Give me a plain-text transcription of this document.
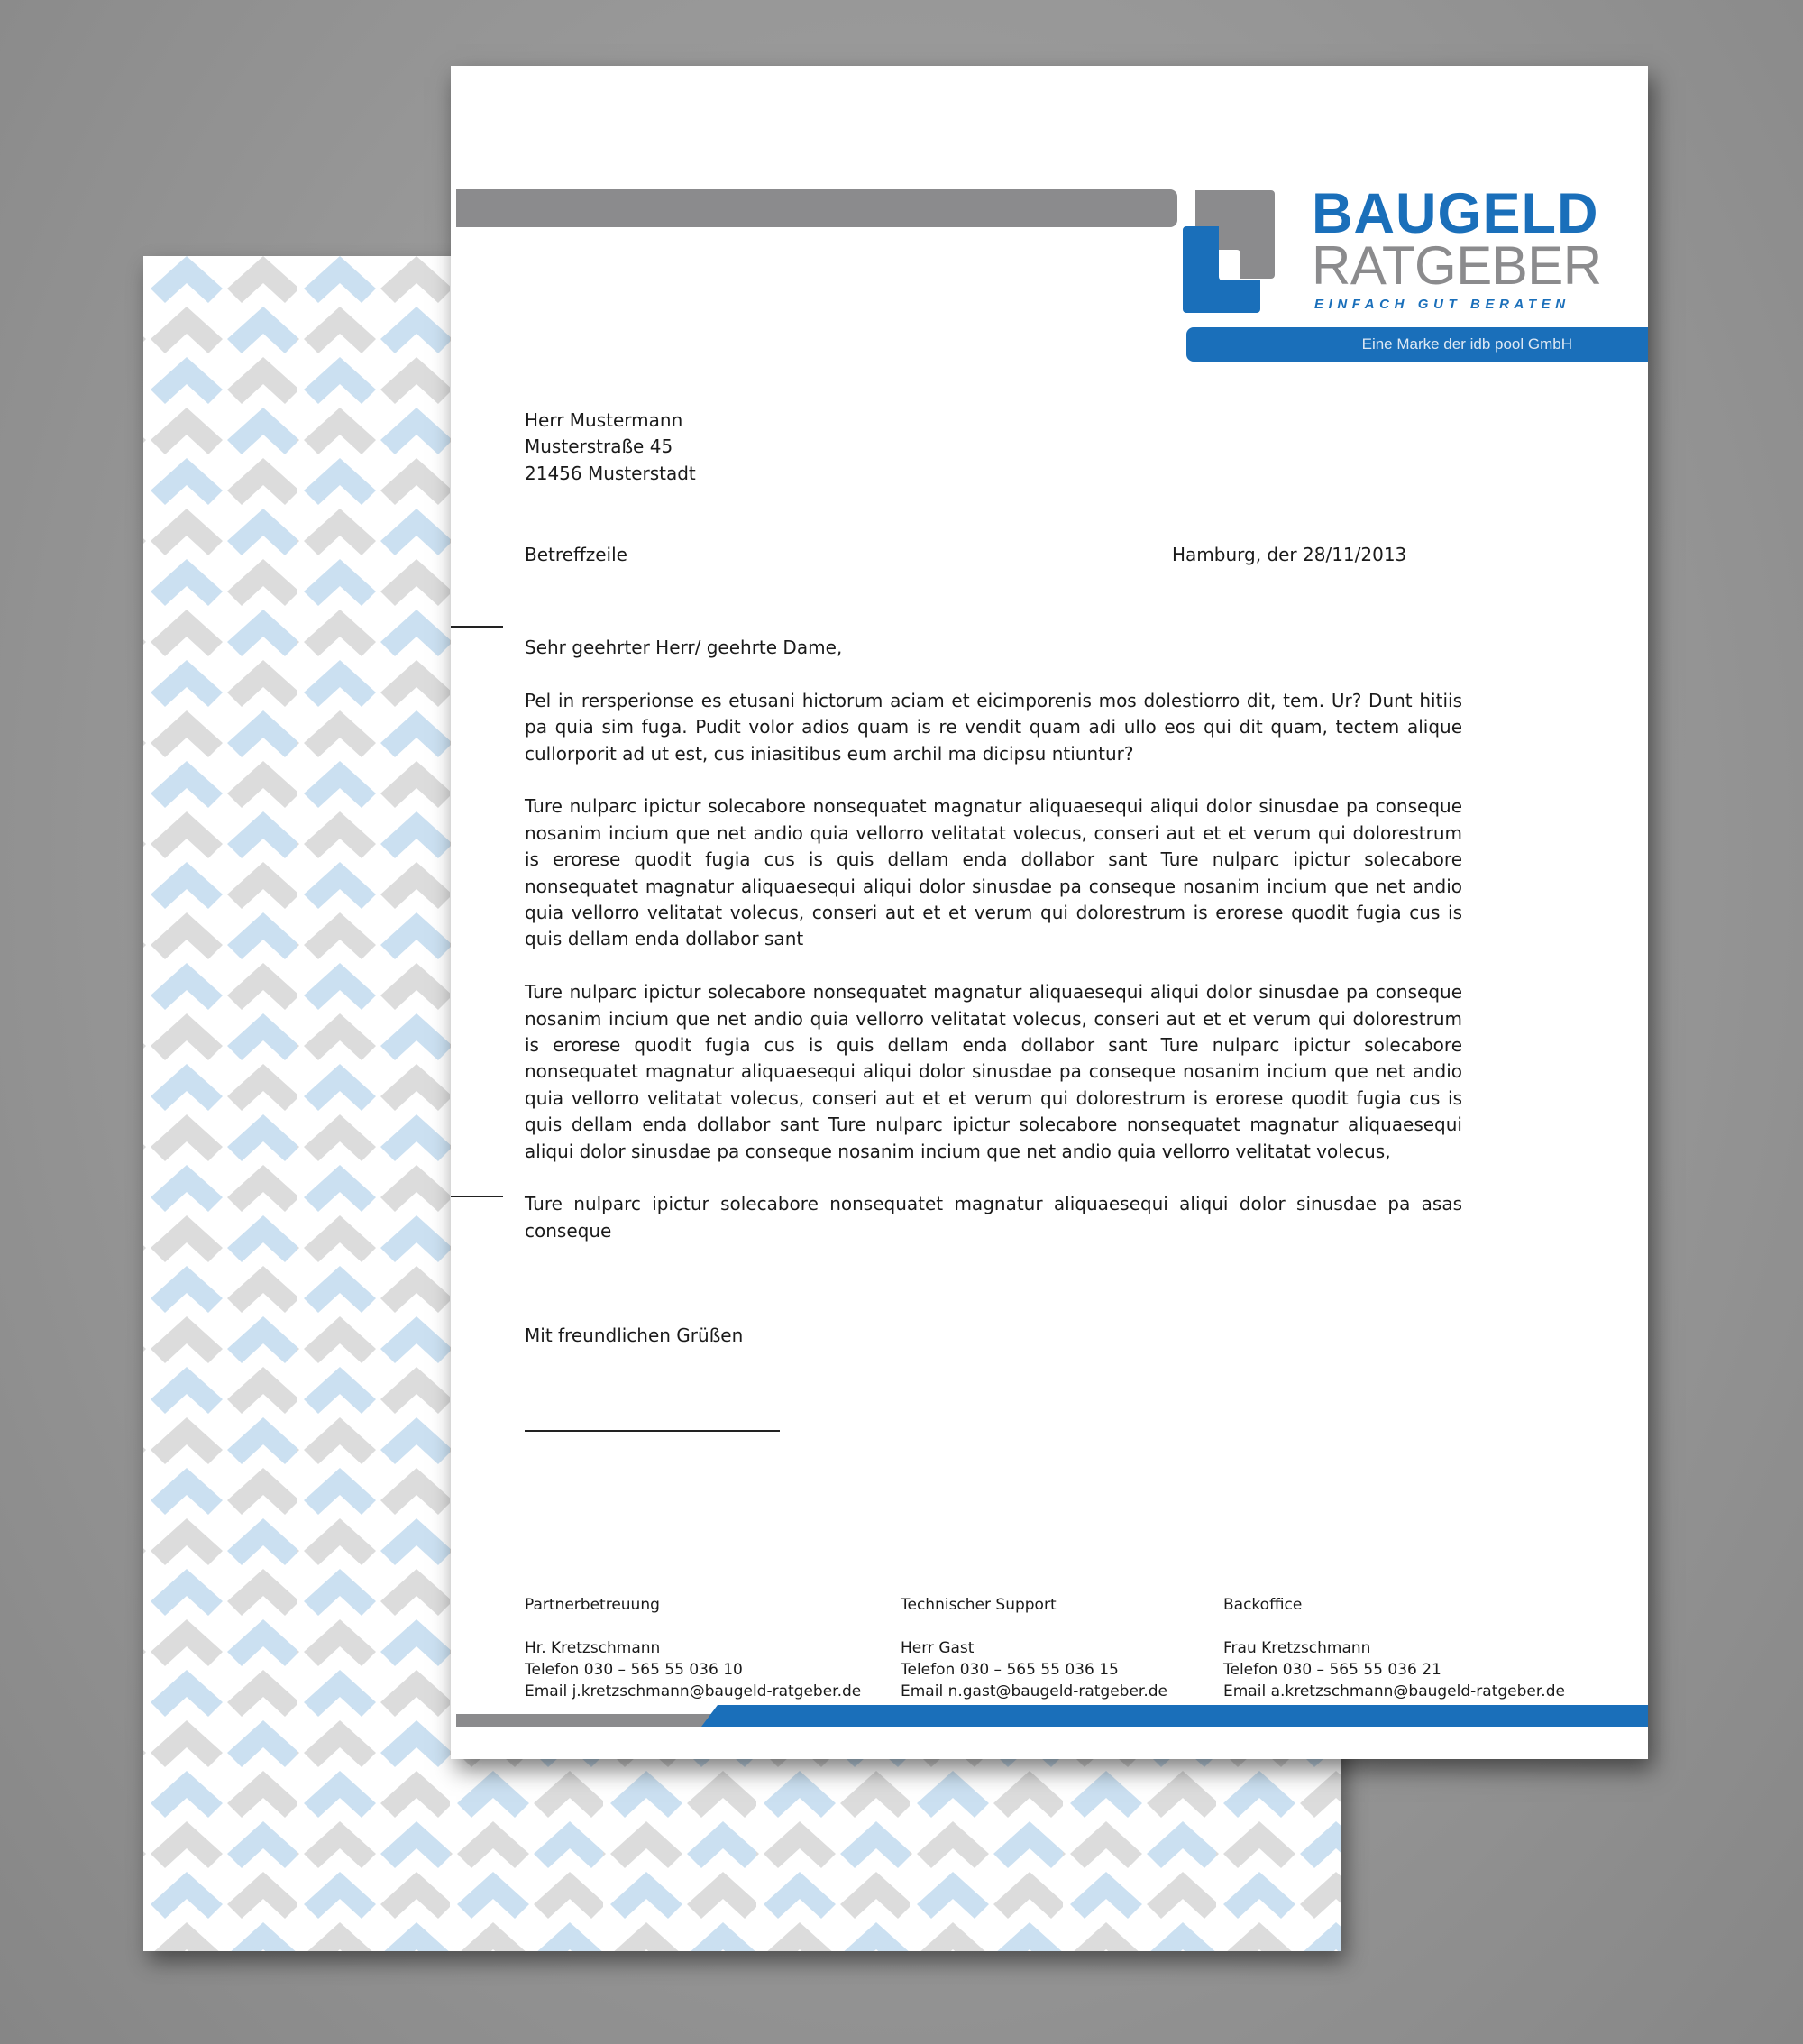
BAUGELD
RATGEBER
EINFACH GUT BERATEN
Eine Marke der idb pool GmbH
Herr Mustermann
Musterstraße 45
21456 Musterstadt
Betreffzeile	Hamburg, der 28/11/2013

Sehr geehrter Herr/ geehrte Dame,

Pel in rersperionse es etusani hictorum aciam et eicimporenis mos dolestiorro dit, tem. Ur? Dunt hitiis pa quia sim fuga. Pudit volor adios quam is re vendit quam adi ullo eos qui dit quam, tectem alique cullorporit ad ut est, cus iniasitibus eum archil ma dicipsu ntiuntur?

Ture nulparc ipictur solecabore nonsequatet magnatur aliquaesequi aliqui dolor sinusdae pa conseque nosanim incium que net andio quia vellorro velitatat volecus, conseri aut et et verum qui dolorestrum is erorese quodit fugia cus is quis dellam enda dollabor sant Ture nulparc ipictur solecabore nonsequatet magnatur aliquaesequi aliqui dolor sinusdae pa conseque nosanim incium que net andio quia vellorro velitatat volecus, conseri aut et et verum qui dolorestrum is erorese quodit fugia cus is quis dellam enda dollabor sant

Ture nulparc ipictur solecabore nonsequatet magnatur aliquaesequi aliqui dolor sinusdae pa conseque nosanim incium que net andio quia vellorro velitatat volecus, conseri aut et et verum qui dolorestrum is erorese quodit fugia cus is quis dellam enda dollabor sant Ture nulparc ipictur solecabore nonsequatet magnatur aliquaesequi aliqui dolor sinusdae pa conseque nosanim incium que net andio quia vellorro velitatat volecus, conseri aut et et verum qui dolorestrum is erorese quodit fugia cus is quis dellam enda dollabor sant Ture nulparc ipictur solecabore nonsequatet magnatur aliquaesequi aliqui dolor sinusdae pa conseque nosanim incium que net andio quia vellorro velitatat volecus,

Ture nulparc ipictur solecabore nonsequatet magnatur aliquaesequi aliqui dolor sinusdae pa asas conseque

Mit freundlichen Grüßen
Partnerbetreuung
Hr. Kretzschmann
Telefon 030 – 565 55 036 10
Email j.kretzschmann@baugeld-ratgeber.de
Technischer Support
Herr Gast
Telefon 030 – 565 55 036 15
Email n.gast@baugeld-ratgeber.de
Backoffice
Frau Kretzschmann
Telefon 030 – 565 55 036 21
Email a.kretzschmann@baugeld-ratgeber.de
